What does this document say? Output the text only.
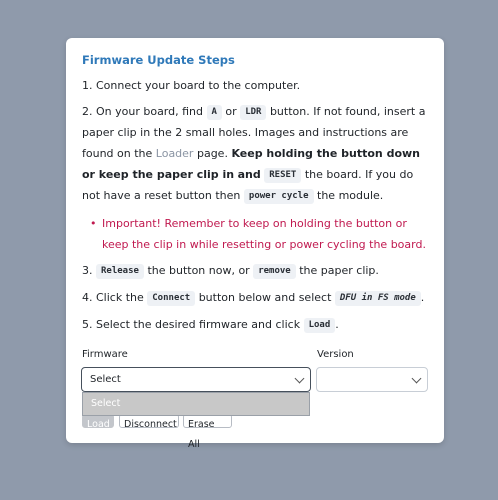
Firmware Update Steps
1. Connect your board to the computer.
2. On your board, find A or LDR button. If not found, insert a paper clip in the 2 small holes. Images and instructions are found on the Loader page. Keep holding the button down or keep the paper clip in and RESET the board. If you do not have a reset button then power cycle the module.
• Important! Remember to keep on holding the button or keep the clip in while resetting or power cycling the board.
3. Release the button now, or remove the paper clip.
4. Click the Connect button below and select DFU in FS mode .
5. Select the desired firmware and click Load .
Firmware	Version
Select
Load	Disconnect	Erase All
Select
